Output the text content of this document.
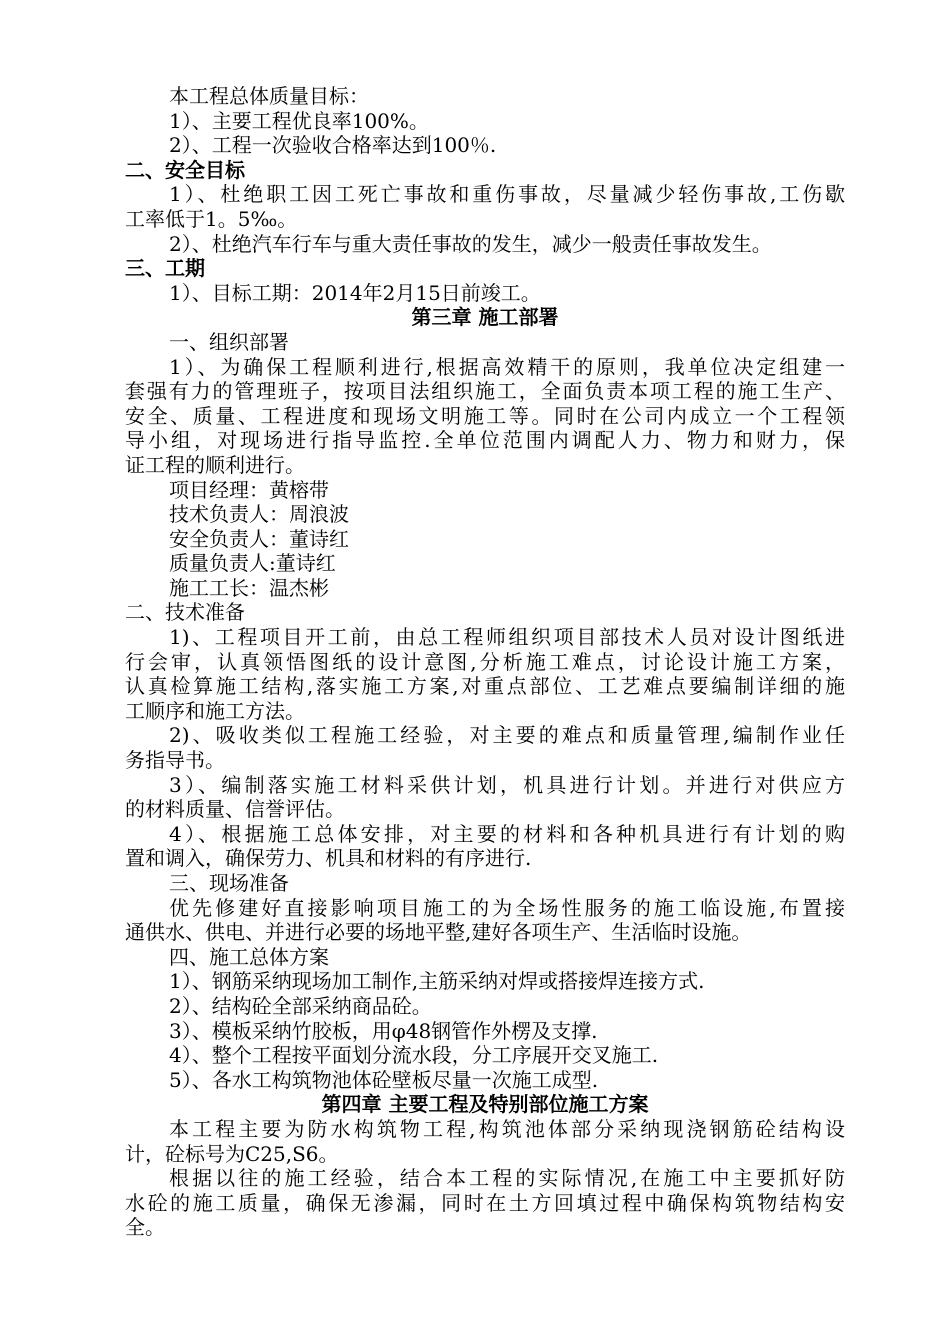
本工程总体质量目标：

1）、主要工程优良率100%。

2）、工程一次验收合格率达到100％.

二、安全目标

1）、杜绝职工因工死亡事故和重伤事故，尽量减少轻伤事故,工伤歇

工率低于1。5‰。

2）、杜绝汽车行车与重大责任事故的发生，减少一般责任事故发生。

三、工期

1）、目标工期：2014年2月15日前竣工。

第三章 施工部署

一、组织部署

1）、为确保工程顺利进行,根据高效精干的原则，我单位决定组建一

套强有力的管理班子，按项目法组织施工，全面负责本项工程的施工生产、

安全、质量、工程进度和现场文明施工等。同时在公司内成立一个工程领

导小组，对现场进行指导监控.全单位范围内调配人力、物力和财力，保

证工程的顺利进行。

项目经理：黄榕带

技术负责人：周浪波

安全负责人：董诗红

质量负责人:董诗红

施工工长：温杰彬

二、技术准备

1)、工程项目开工前，由总工程师组织项目部技术人员对设计图纸进

行会审，认真领悟图纸的设计意图,分析施工难点，讨论设计施工方案，

认真检算施工结构,落实施工方案,对重点部位、工艺难点要编制详细的施

工顺序和施工方法。

2)、吸收类似工程施工经验，对主要的难点和质量管理,编制作业任

务指导书。

3）、编制落实施工材料采供计划，机具进行计划。并进行对供应方

的材料质量、信誉评估。

4）、根据施工总体安排，对主要的材料和各种机具进行有计划的购

置和调入，确保劳力、机具和材料的有序进行.

三、现场准备

优先修建好直接影响项目施工的为全场性服务的施工临设施,布置接

通供水、供电、并进行必要的场地平整,建好各项生产、生活临时设施。

四、施工总体方案

1）、钢筋采纳现场加工制作,主筋采纳对焊或搭接焊连接方式.

2）、结构砼全部采纳商品砼。

3）、模板采纳竹胶板，用φ48钢管作外楞及支撑.

4）、整个工程按平面划分流水段，分工序展开交叉施工.

5）、各水工构筑物池体砼壁板尽量一次施工成型.

第四章 主要工程及特别部位施工方案

本工程主要为防水构筑物工程,构筑池体部分采纳现浇钢筋砼结构设

计，砼标号为C25,S6。

根据以往的施工经验，结合本工程的实际情况,在施工中主要抓好防

水砼的施工质量，确保无渗漏，同时在土方回填过程中确保构筑物结构安

全。
